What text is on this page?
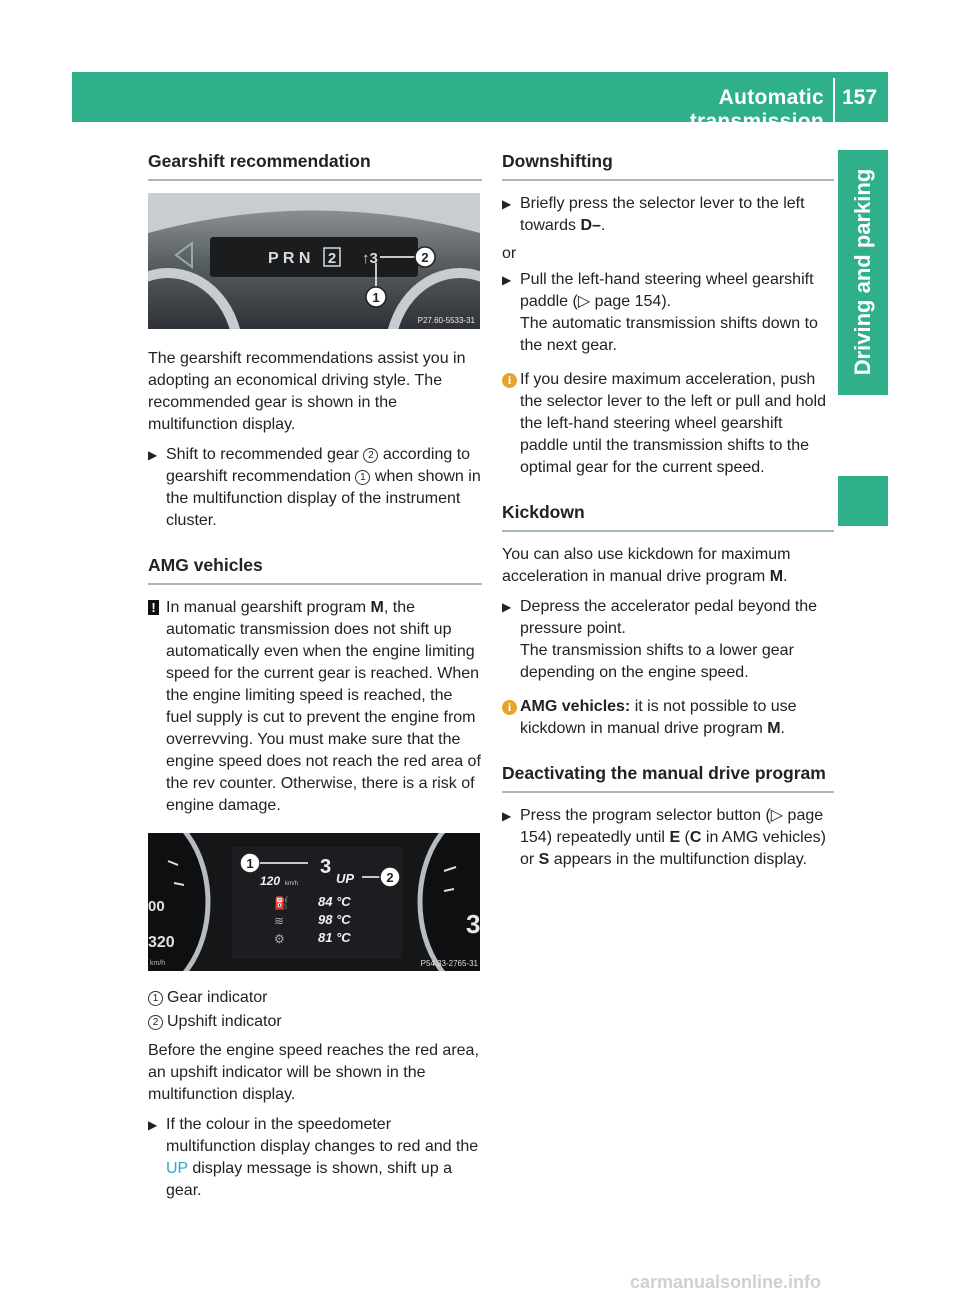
Automatic transmission
157
Driving and parking
Gearshift recommendation
P R N 2 ↑3	2
1
P27.60-5533-31

The gearshift recommendations assist you in adopting an economical driving style. The recommended gear is shown in the multifunction display.

▶ Shift to recommended gear 2 according to gearshift recommendation 1 when shown in the multifunction display of the instrument cluster.
AMG vehicles
! In manual gearshift program M, the automatic transmission does not shift up automatically even when the engine limiting speed for the current gear is reached. When the engine limiting speed is reached, the fuel supply is cut to prevent the engine from overrevving. You must make sure that the engine speed does not reach the red area of the rev counter. Otherwise, there is a risk of engine damage.
00
320
km/h
3
1	3
UP 2
120 km/h
⛽ 84 °C
≋	98 °C
⚙	81 °C
P54.33-2765-31
1 Gear indicator
2 Upshift indicator

Before the engine speed reaches the red area, an upshift indicator will be shown in the multifunction display.

▶ If the colour in the speedometer multifunction display changes to red and the UP display message is shown, shift up a gear.
Downshifting
▶ Briefly press the selector lever to the left towards D–.

or

▶ Pull the left-hand steering wheel gearshift paddle (▷ page 154).
The automatic transmission shifts down to the next gear.
i If you desire maximum acceleration, push the selector lever to the left or pull and hold the left-hand steering wheel gearshift paddle until the transmission shifts to the optimal gear for the current speed.
Kickdown

You can also use kickdown for maximum acceleration in manual drive program M.

▶ Depress the accelerator pedal beyond the pressure point.
The transmission shifts to a lower gear depending on the engine speed.
i AMG vehicles: it is not possible to use kickdown in manual drive program M.
Deactivating the manual drive program
▶ Press the program selector button (▷ page 154) repeatedly until E (C in AMG vehicles) or S appears in the multifunction display.
carmanualsonline.info
